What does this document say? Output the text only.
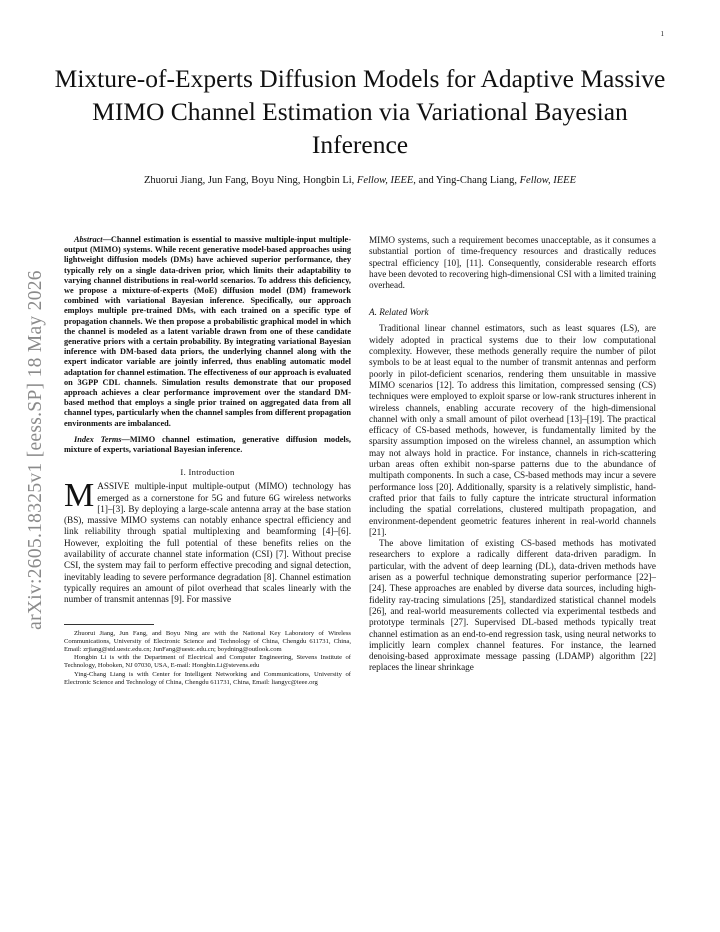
1
Mixture-of-Experts Diffusion Models for Adaptive Massive MIMO Channel Estimation via Variational Bayesian Inference
Zhuorui Jiang, Jun Fang, Boyu Ning, Hongbin Li, Fellow, IEEE, and Ying-Chang Liang, Fellow, IEEE
arXiv:2605.18325v1 [eess.SP] 18 May 2026

Abstract—Channel estimation is essential to massive multiple-input multiple-output (MIMO) systems. While recent generative model-based approaches using lightweight diffusion models (DMs) have achieved superior performance, they typically rely on a single data-driven prior, which limits their adaptability to varying channel distributions in real-world scenarios. To address this deficiency, we propose a mixture-of-experts (MoE) diffusion model (DM) framework combined with variational Bayesian inference. Specifically, our approach employs multiple pre-trained DMs, with each trained on a specific type of propagation channels. We then propose a probabilistic graphical model in which the channel is modeled as a latent variable drawn from one of these candidate generative priors with a certain probability. By integrating variational Bayesian inference with DM-based data priors, the underlying channel along with the expert indicator variable are jointly inferred, thus enabling automatic model adaptation for channel estimation. The effectiveness of our approach is evaluated on 3GPP CDL channels. Simulation results demonstrate that our proposed approach achieves a clear performance improvement over the standard DM-based method that employs a single prior trained on aggregated data from all channel types, particularly when the channel samples from different propagation environments are imbalanced.

Index Terms—MIMO channel estimation, generative diffusion models, mixture of experts, variational Bayesian inference.

I. Introduction

MASSIVE multiple-input multiple-output (MIMO) technology has emerged as a cornerstone for 5G and future 6G wireless networks [1]–[3]. By deploying a large-scale antenna array at the base station (BS), massive MIMO systems can notably enhance spectral efficiency and link reliability through spatial multiplexing and beamforming [4]–[6]. However, exploiting the full potential of these benefits relies on the availability of accurate channel state information (CSI) [7]. Without precise CSI, the system may fail to perform effective precoding and signal detection, inevitably leading to severe performance degradation [8]. Channel estimation typically requires an amount of pilot overhead that scales linearly with the number of transmit antennas [9]. For massive

Zhuorui Jiang, Jun Fang, and Boyu Ning are with the National Key Laboratory of Wireless Communications, University of Electronic Science and Technology of China, Chengdu 611731, China, Email: zrjiang@std.uestc.edu.cn; JunFang@uestc.edu.cn; boydning@outlook.com

Hongbin Li is with the Department of Electrical and Computer Engineering, Stevens Institute of Technology, Hoboken, NJ 07030, USA, E-mail: Hongbin.Li@stevens.edu

Ying-Chang Liang is with Center for Intelligent Networking and Communications, University of Electronic Science and Technology of China, Chengdu 611731, China, Email: liangyc@ieee.org

MIMO systems, such a requirement becomes unacceptable, as it consumes a substantial portion of time-frequency resources and drastically reduces spectral efficiency [10], [11]. Consequently, considerable research efforts have been devoted to recovering high-dimensional CSI with a limited training overhead.

A. Related Work

Traditional linear channel estimators, such as least squares (LS), are widely adopted in practical systems due to their low computational complexity. However, these methods generally require the number of pilot symbols to be at least equal to the number of transmit antennas and perform poorly in pilot-deficient scenarios, rendering them unsuitable in massive MIMO scenarios [12]. To address this limitation, compressed sensing (CS) techniques were employed to exploit sparse or low-rank structures inherent in wireless channels, enabling accurate recovery of the high-dimensional channel with only a small amount of pilot overhead [13]–[19]. The practical efficacy of CS-based methods, however, is fundamentally limited by the sparsity assumption imposed on the wireless channel, an assumption which may not always hold in practice. For instance, channels in rich-scattering urban areas often exhibit non-sparse patterns due to the abundance of multipath components. In such a case, CS-based methods may incur a severe performance loss [20]. Additionally, sparsity is a relatively simplistic, hand-crafted prior that fails to fully capture the intricate structural information including the spatial correlations, clustered multipath propagation, and environment-dependent geometric features inherent in real-world channels [21].

The above limitation of existing CS-based methods has motivated researchers to explore a radically different data-driven paradigm. In particular, with the advent of deep learning (DL), data-driven methods have arisen as a powerful technique demonstrating superior performance [22]–[24]. These approaches are enabled by diverse data sources, including high-fidelity ray-tracing simulations [25], standardized statistical channel models [26], and real-world measurements collected via experimental testbeds and prototype terminals [27]. Supervised DL-based methods typically treat channel estimation as an end-to-end regression task, using neural networks to implicitly learn complex channel features. For instance, the learned denoising-based approximate message passing (LDAMP) algorithm [22] replaces the linear shrinkage
